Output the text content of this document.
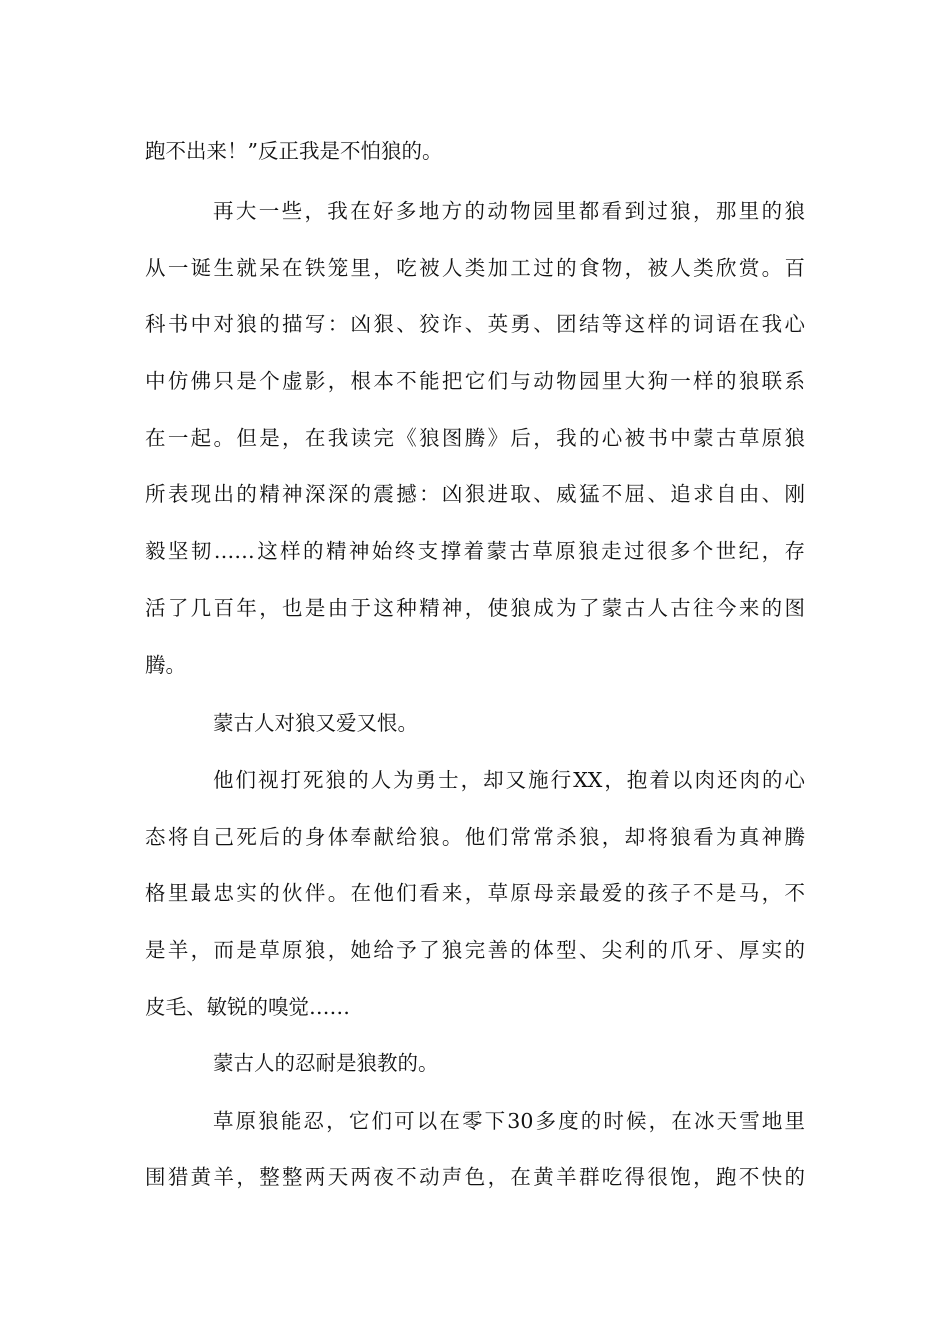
跑不出来！”反正我是不怕狼的。
再大一些，我在好多地方的动物园里都看到过狼，那里的狼
从一诞生就呆在铁笼里，吃被人类加工过的食物，被人类欣赏。百
科书中对狼的描写：凶狠、狡诈、英勇、团结等这样的词语在我心
中仿佛只是个虚影，根本不能把它们与动物园里大狗一样的狼联系
在一起。但是，在我读完《狼图腾》后，我的心被书中蒙古草原狼
所表现出的精神深深的震撼：凶狠进取、威猛不屈、追求自由、刚
毅坚韧……这样的精神始终支撑着蒙古草原狼走过很多个世纪，存
活了几百年，也是由于这种精神，使狼成为了蒙古人古往今来的图
腾。
蒙古人对狼又爱又恨。
他们视打死狼的人为勇士，却又施行XX，抱着以肉还肉的心
态将自己死后的身体奉献给狼。他们常常杀狼，却将狼看为真神腾
格里最忠实的伙伴。在他们看来，草原母亲最爱的孩子不是马，不
是羊，而是草原狼，她给予了狼完善的体型、尖利的爪牙、厚实的
皮毛、敏锐的嗅觉……
蒙古人的忍耐是狼教的。
草原狼能忍，它们可以在零下30多度的时候，在冰天雪地里
围猎黄羊，整整两天两夜不动声色，在黄羊群吃得很饱，跑不快的
